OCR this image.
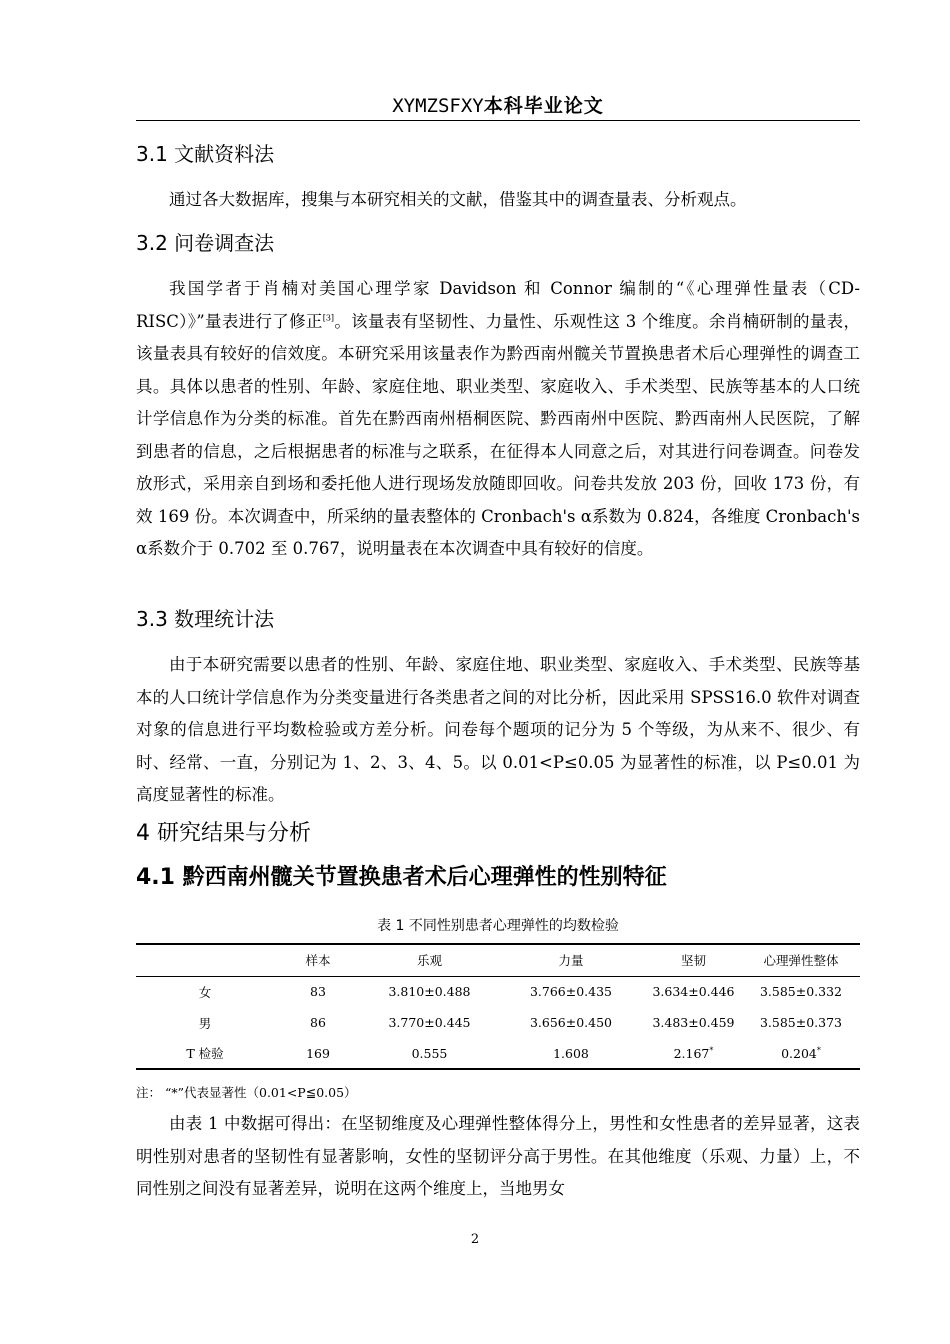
XYMZSFXY本科毕业论文
3.1 文献资料法

通过各大数据库，搜集与本研究相关的文献，借鉴其中的调查量表、分析观点。

3.2 问卷调查法

我国学者于肖楠对美国心理学家 Davidson 和 Connor 编制的“《心理弹性量表（CD-RISC）》”量表进行了修正[3]。该量表有坚韧性、力量性、乐观性这 3 个维度。余肖楠研制的量表，该量表具有较好的信效度。本研究采用该量表作为黔西南州髋关节置换患者术后心理弹性的调查工具。具体以患者的性别、年龄、家庭住地、职业类型、家庭收入、手术类型、民族等基本的人口统计学信息作为分类的标准。首先在黔西南州梧桐医院、黔西南州中医院、黔西南州人民医院，了解到患者的信息，之后根据患者的标准与之联系，在征得本人同意之后，对其进行问卷调查。问卷发放形式，采用亲自到场和委托他人进行现场发放随即回收。问卷共发放 203 份，回收 173 份，有效 169 份。本次调查中，所采纳的量表整体的 Cronbach's α系数为 0.824，各维度 Cronbach's α系数介于 0.702 至 0.767，说明量表在本次调查中具有较好的信度。

3.3 数理统计法

由于本研究需要以患者的性别、年龄、家庭住地、职业类型、家庭收入、手术类型、民族等基本的人口统计学信息作为分类变量进行各类患者之间的对比分析，因此采用 SPSS16.0 软件对调查对象的信息进行平均数检验或方差分析。问卷每个题项的记分为 5 个等级，为从来不、很少、有时、经常、一直，分别记为 1、2、3、4、5。以 0.01<P≤0.05 为显著性的标准，以 P≤0.01 为高度显著性的标准。

4 研究结果与分析
4.1 黔西南州髋关节置换患者术后心理弹性的性别特征
表 1 不同性别患者心理弹性的均数检验
	样本	乐观	力量	坚韧	心理弹性整体
女	83	3.810±0.488	3.766±0.435	3.634±0.446	3.585±0.332
男	86	3.770±0.445	3.656±0.450	3.483±0.459	3.585±0.373
T 检验	169	0.555	1.608	2.167*	0.204*
注： “*”代表显著性（0.01<P≦0.05）

由表 1 中数据可得出：在坚韧维度及心理弹性整体得分上，男性和女性患者的差异显著，这表明性别对患者的坚韧性有显著影响，女性的坚韧评分高于男性。在其他维度（乐观、力量）上，不同性别之间没有显著差异，说明在这两个维度上，当地男女

2
